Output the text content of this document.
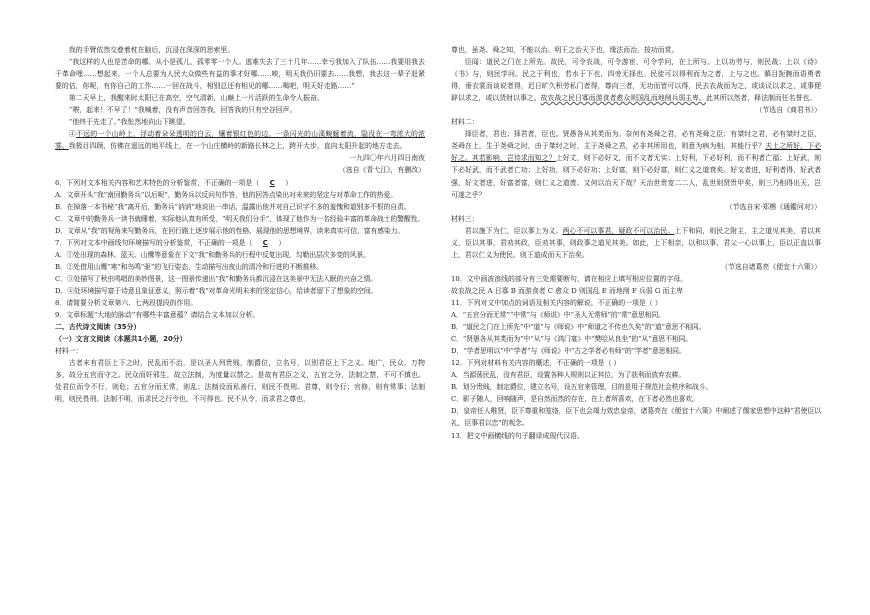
我的手臂依然交叠着枕在脑后，沉浸在深深的思索里。

“我这样的人也是苦命的哪。从小是孤儿，孤零零一个人。逃难失去了三十几年……幸亏我加入了队伍……我要用我去干革命哩……想起来，一个人总要为人民大众做些有益的事才好哪……唉，明天我仍旧要去……我想，我去这一辈子赶紧要的估，你呢，有你自己的工作……一回在战斗，相别总还有相见的哪……喝吧，明天好走路……”

第二天早上，我醒来时太阳已在高空，空气清新，山巅上一片活跃的生命令人振奋。

“喂，起来！不早了！”我喊着，没有声音回答我，回答我的只有空谷回声。

“他终于先走了。”我怅然地向山下眺望。

④不远的一个山岭上，浮动着朵朵透明的白云，镶着银红色的边。一条闪光的山溪蜿蜒着流，隐没在一弯浓大的浓雾。我极目四顾，仿佛在遥远的地平线上，在一个山庄横岭的新路长林之上，跨开大步，直向太阳升起的地方走去。

一九四〇年六月四日南夜

（选自《青弋江》，有删改）

6．下列对文本相关内容和艺术特色的分析鉴赏，不正确的一项是（ C ）

A．文章开头“我”南回勤务兵“以后呢”，勤务兵以反问句作答，他的回答点染出对未来的坚定与对革命工作的热爱。

B．在掉落一本书秘“我”离开后，勤务兵“讷讷”地说出一串话，温露出他并对自己识字不多的羞愧和道别多不恨的自责。

C．文章中的勤务兵一读书就睡着，实际他认真有所受，“明天我们分手”，体现了他作为一名经验丰富的革命战士的警醒性。

D．文章从“我”的视角来写勤务兵，在回行路上逐步展示他的性格、展现他的思想境界，读来真实可信，富有感染力。

7．下列对文本中画线句环境描写的分析鉴赏，不正确的一项是（ C ）

A．①处出现的森林、蓝天、山鹰等意象在下文“我”和勤务兵的行程中反复出现，勾勒出层次多变的风景。

B．②处借用山鹰“寒”和鸟鸣“驱”的飞行姿态，生动描写出夜山的清冷和行进的不断推移。

C．③处描写了秋虫鸣唱的美妙图景，这一图景传递出“我”和勤务兵都沉浸在这美景中无法入眠的兴奋之情。

D．④处环境描写富于诗意且象征意义，照示着“我”对革命光明未来的坚定信心，给读者留下了想象的空间。

8．请简要分析文章第六、七两段提段的作用。

9．文章标题“大地的脉动”有哪些丰富意蕴？请结合文本加以分析。

二、古代诗文阅读（35分）

（一）文言文阅读（本题共1小题，20分）

材料一：

古者未有君臣上下之时，民乱而不治，是以圣人列贵贱，制爵位，立名号，以别君臣上下之义。地广，民众，万物多，故分五官而守之。民众而奸邪生，故立法制，为度量以禁之。是故有君臣之义，五官之分，法制之禁，不可不慎也。处君位而令不行，则危；五官分而无常，则乱；法制设而私善行，则民不畏刑。君尊，则令行；官修，则有常事；法制明，则民畏刑。法制不明，而求民之行令也，不可得也。民不从令，而求君之尊也，

尊也，虽尧、舜之知，不能以治。明王之治天下也，缘法而治，按功而赏。

臣闻：道民之门在上所先。故民，可令农战，可令游宦，可令学问，在上所与。上以功劳与，则民战；上以《诗》《书》与，则民学问。民之于利也，若水于下也，四旁无择也。民徒可以得利而为之者，上与之也。瞋目扼腕而语勇者得，垂衣裳而谈说者得，迟日旷久积劳私门者得，尊向三者，无功而皆可以得，民去农战而为之，或谈议以求之，或事便辟以求之，或以货财以事之。故农战之民日寡而游食者愈众则国乱而地削兵弱主卑。此其所以然者，释法制而任名誉也。

（节选自《商君书》）

材料二：

择臣者，君也；择君者，臣也。贤愚各从其类而为。奈何有尧舜之君，必有尧舜之臣；有桀纣之君，必有桀纣之臣，尧舜在上，生于尧舜之时，由于桀纣之时，主于尧舜之君，必非其所用也，则意为病为相，其能行乎？夫上之所好，下必好之。其若影响，岂待求而知之？上好丈，则下必好文，而不文者无实；上好利，下必好利，而不利者亡福；上好武，则下必好武，而不武者亡功；上好功，则下必好功；上好富，则下必好富，则仁义之道衰矣。好文者进，好利者得，好武者强，好文者进，好富者富，则仁义之道废。又何以治天下哉？天治世贵宽二二人，乱世则贤贵甲矣，则三乃相得出天，岂可遂之乎？

（节选自宋·郑樵《通鑑问对》）

材料三：

君以施下为仁，臣以事上为义。两心不可以事君，疑政不可以治民。上下和同，则民之附主，主之道见其美，君以其义，臣以其事，君劝其政，臣劝其事，则政事之道见其美。如此，上下相亲，以和以事，君父一心以事上，臣以正直以事上，君以仁义为使民。则王道成而天下治矣。

（节选自诸葛亮《便宜十六策》）

10．文中画波浪线的部分有三处需要断句，请在相应上填写相应位置的字母。

故农战之民 A 日寡 B 而游食者 C 愈众 D 则国乱 E 而地削 F 兵弱 G 而主卑

11．下列对文中加点的词语及相关内容的解说，不正确的一项是（ ）

A．“五官分而无常”“中常”与《师说》中“圣人无常师”的“常”意思相同。

B．“道民之门在上所先”中“道”与《师说》中“师道之不传也久矣”的“道”意思不相同。

C．“贤愚各从其类而为”中“从”与《鸿门宴》中“樊哙从良坐”的“从”意思不相同。

D．“学者思明以”中“学者”与《师说》中“古之学者必有师”的“学者”意思相同。

12．下列对材料有关内容的概述，不正确的一项是（ ）

A．当源荡民乱，没有君臣，设置各种人规则以正其位，为了获利而放弃农耕。

B．划分贵贱，制定爵位，建立名号，设五官来管理，目的是用于规范社会秩序和战斗。

C．影子随人，回响随声，是自然而然的存在，在上者所喜欢，在下者必然也喜欢。

D．皇帝任人唯贤，臣下尊重和笼络，臣下也会竭力效忠皇帝，诸葛亮在《便宜十六策》中阐述了儒家思想中这种“君使臣以礼，臣事君以忠”的观念。

13．把文中画横线的句子翻译成现代汉语。
